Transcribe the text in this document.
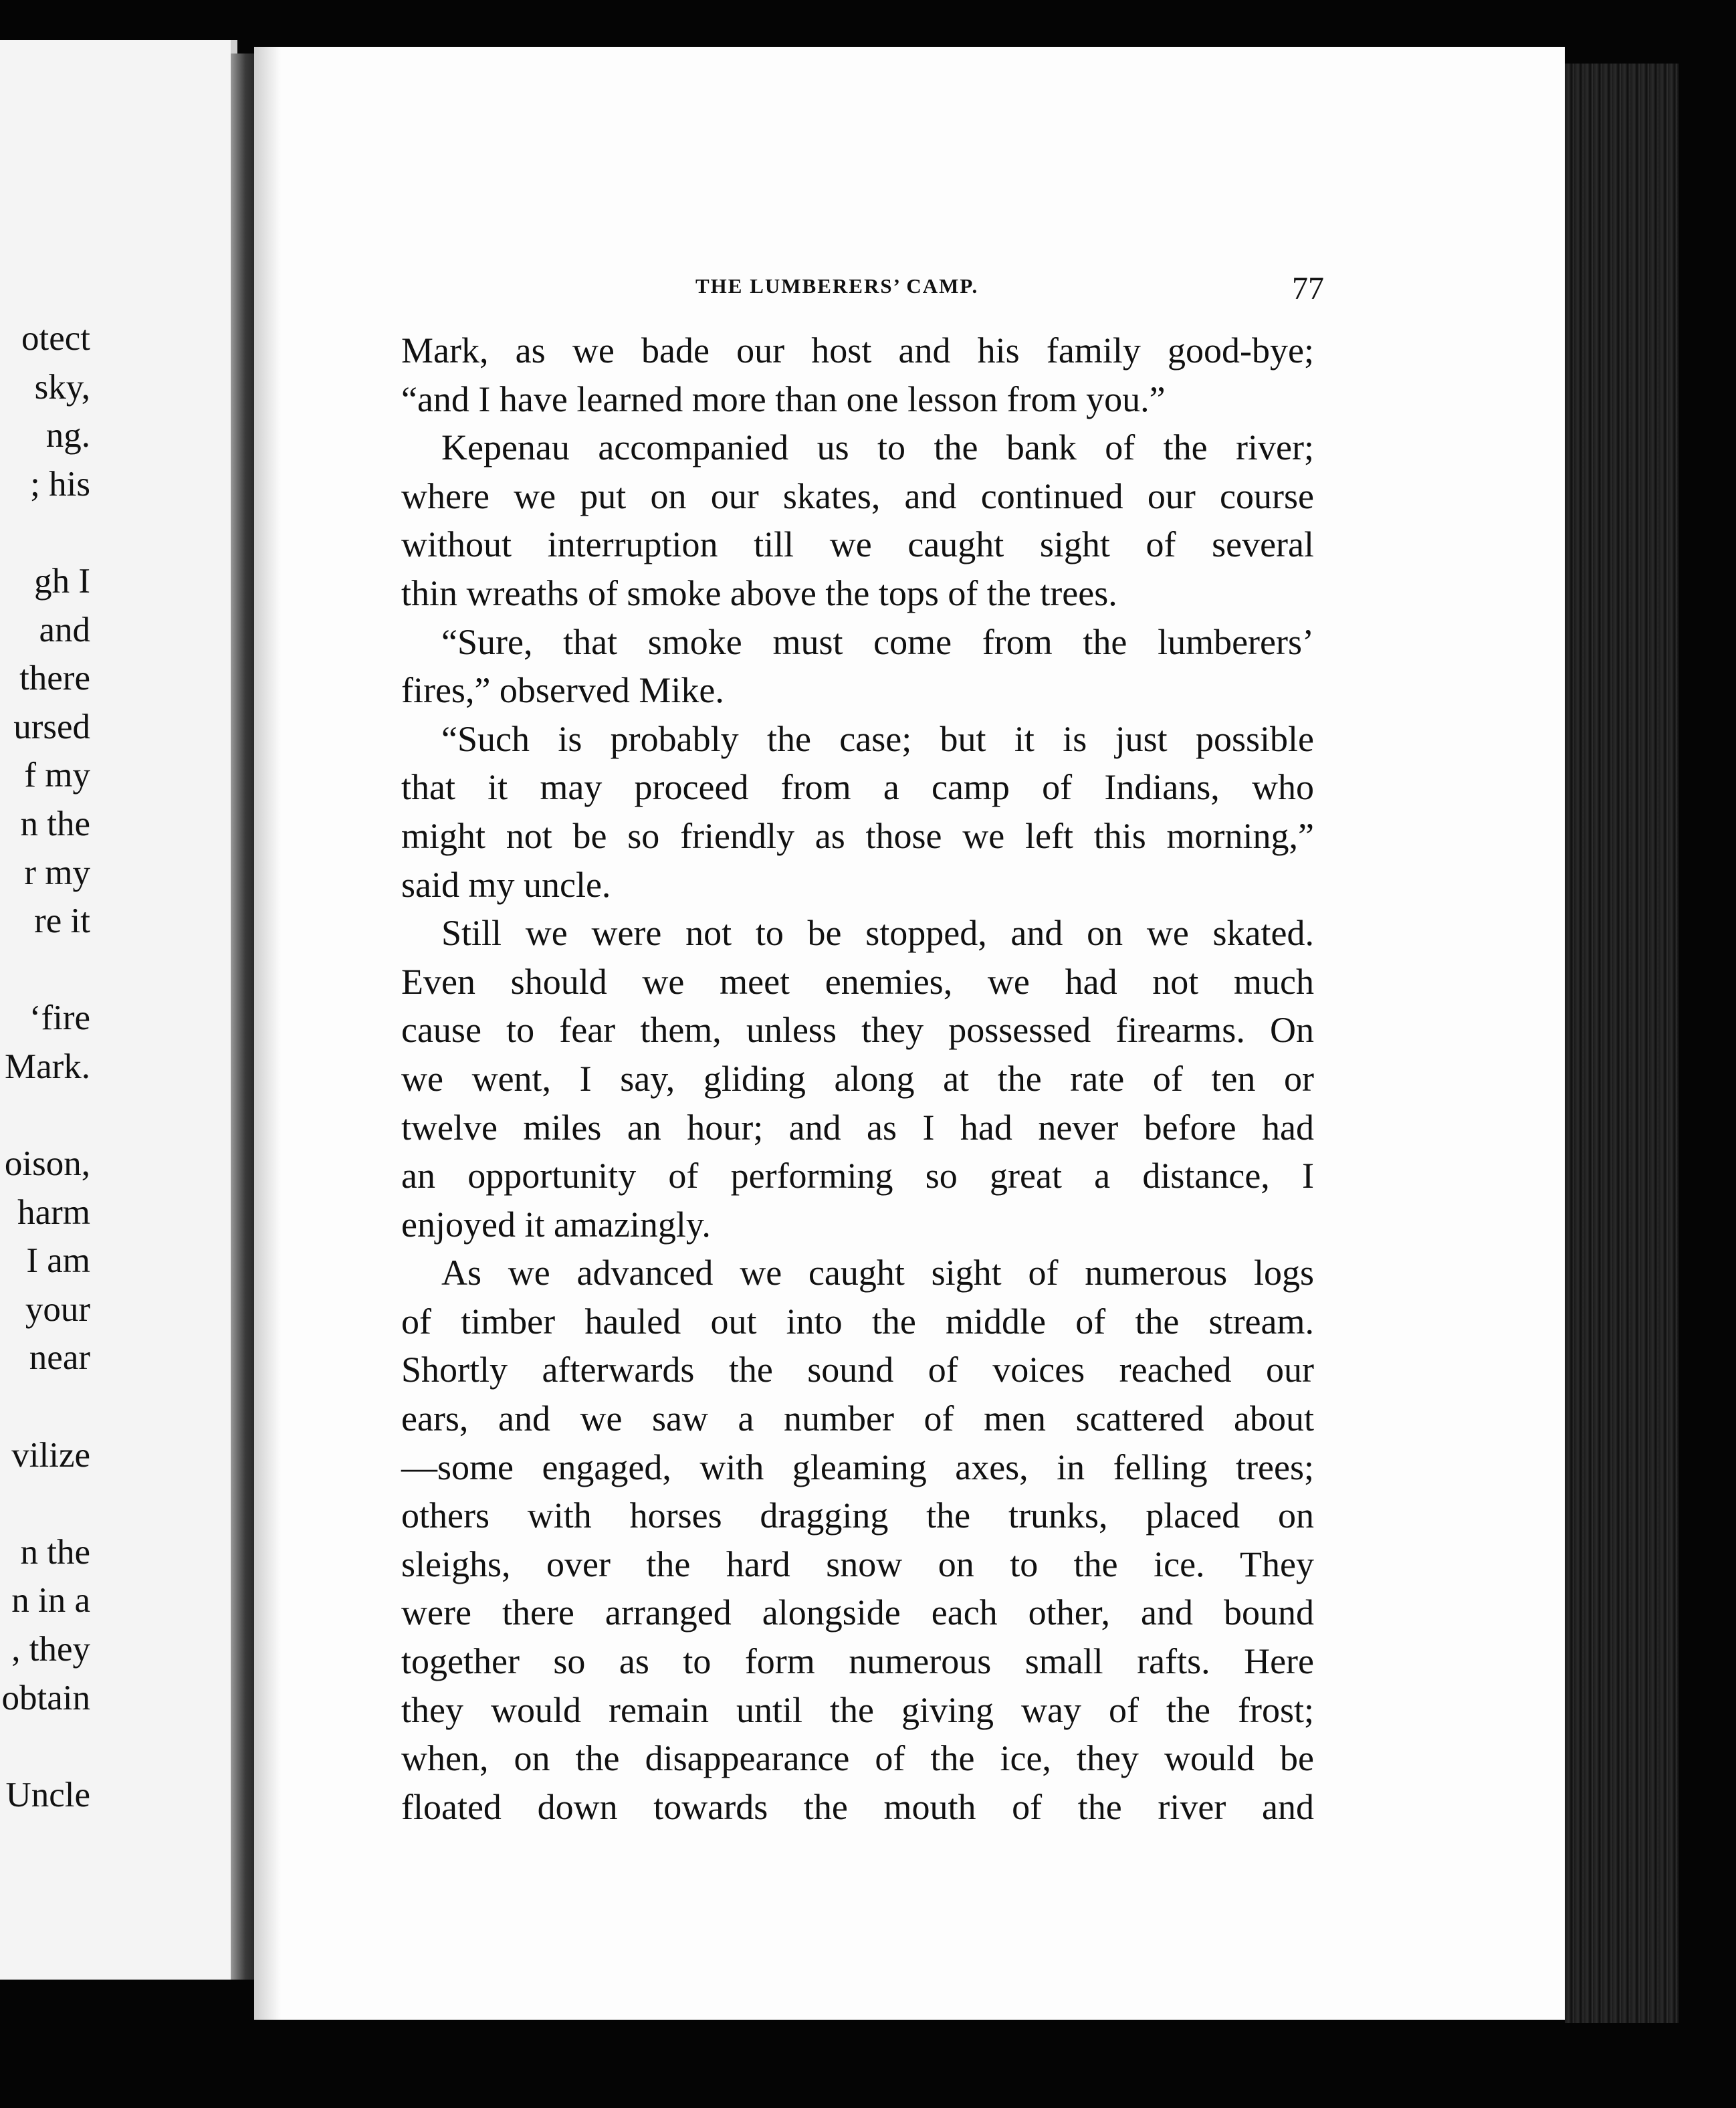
otect
sky,
ng.
; his
gh I
and
there
ursed
f my
n the
r my
re it
‘fire
Mark.
oison,
harm
I am
your
near
vilize
n the
n in a
, they
obtain
Uncle
THE LUMBERERS’ CAMP.	77
Mark, as we bade our host and his family good-bye;
“and I have learned more than one lesson from you.”
Kepenau accompanied us to the bank of the river;
where we put on our skates, and continued our course
without interruption till we caught sight of several
thin wreaths of smoke above the tops of the trees.
“Sure, that smoke must come from the lumberers’
fires,” observed Mike.
“Such is probably the case; but it is just possible
that it may proceed from a camp of Indians, who
might not be so friendly as those we left this morning,”
said my uncle.
Still we were not to be stopped, and on we skated.
Even should we meet enemies, we had not much
cause to fear them, unless they possessed firearms. On
we went, I say, gliding along at the rate of ten or
twelve miles an hour; and as I had never before had
an opportunity of performing so great a distance, I
enjoyed it amazingly.
As we advanced we caught sight of numerous logs
of timber hauled out into the middle of the stream.
Shortly afterwards the sound of voices reached our
ears, and we saw a number of men scattered about
—some engaged, with gleaming axes, in felling trees;
others with horses dragging the trunks, placed on
sleighs, over the hard snow on to the ice. They
were there arranged alongside each other, and bound
together so as to form numerous small rafts. Here
they would remain until the giving way of the frost;
when, on the disappearance of the ice, they would be
floated down towards the mouth of the river and
